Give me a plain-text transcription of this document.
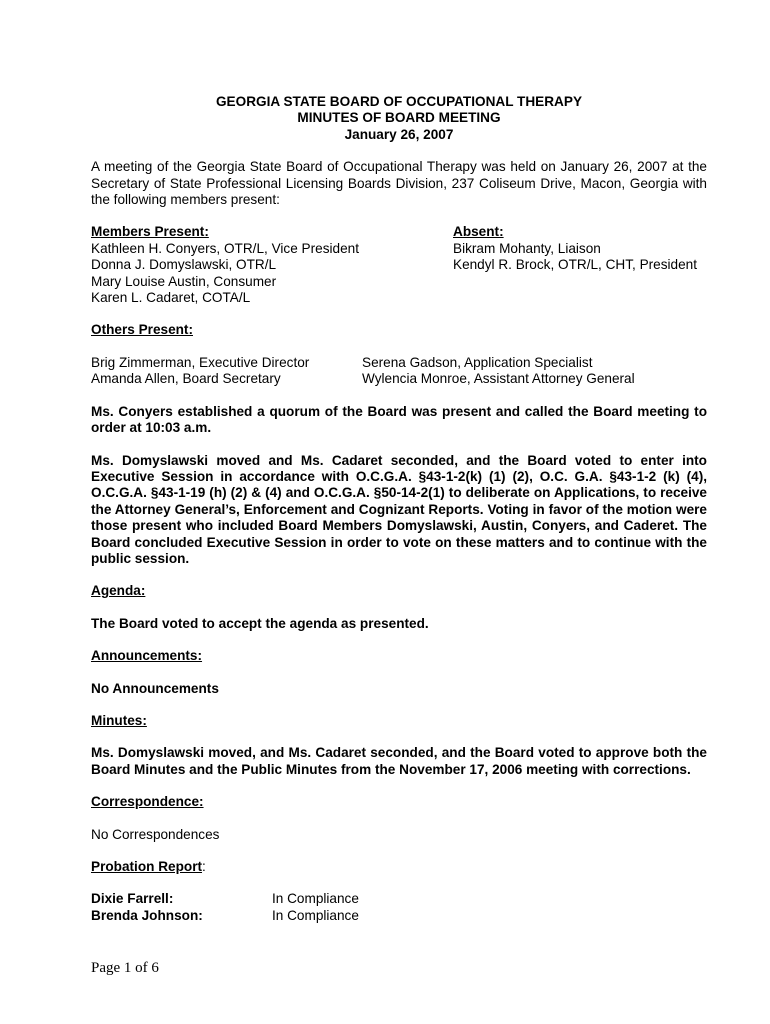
GEORGIA STATE BOARD OF OCCUPATIONAL THERAPY
MINUTES OF BOARD MEETING
January 26, 2007

A meeting of the Georgia State Board of Occupational Therapy was held on January 26, 2007 at the Secretary of State Professional Licensing Boards Division, 237 Coliseum Drive, Macon, Georgia with the following members present:

Members Present:
Kathleen H. Conyers, OTR/L, Vice President
Donna J. Domyslawski, OTR/L
Mary Louise Austin, Consumer
Karen L. Cadaret, COTA/L
Absent:
Bikram Mohanty, Liaison
Kendyl R. Brock, OTR/L, CHT, President

Others Present:

Brig Zimmerman, Executive Director
Amanda Allen, Board Secretary
Serena Gadson, Application Specialist
Wylencia Monroe, Assistant Attorney General

Ms. Conyers established a quorum of the Board was present and called the Board meeting to order at 10:03 a.m.

Ms. Domyslawski moved and Ms. Cadaret seconded, and the Board voted to enter into Executive Session in accordance with O.C.G.A. §43-1-2(k) (1) (2), O.C. G.A. §43-1-2 (k) (4), O.C.G.A. §43-1-19 (h) (2) & (4) and O.C.G.A. §50-14-2(1) to deliberate on Applications, to receive the Attorney General’s, Enforcement and Cognizant Reports. Voting in favor of the motion were those present who included Board Members Domyslawski, Austin, Conyers, and Caderet. The Board concluded Executive Session in order to vote on these matters and to continue with the public session.

Agenda:

The Board voted to accept the agenda as presented.

Announcements:

No Announcements

Minutes:

Ms. Domyslawski moved, and Ms. Cadaret seconded, and the Board voted to approve both the Board Minutes and the Public Minutes from the November 17, 2006 meeting with corrections.

Correspondence:

No Correspondences

Probation Report:

Dixie Farrell:	In Compliance
Brenda Johnson:	In Compliance
Page 1 of 6
